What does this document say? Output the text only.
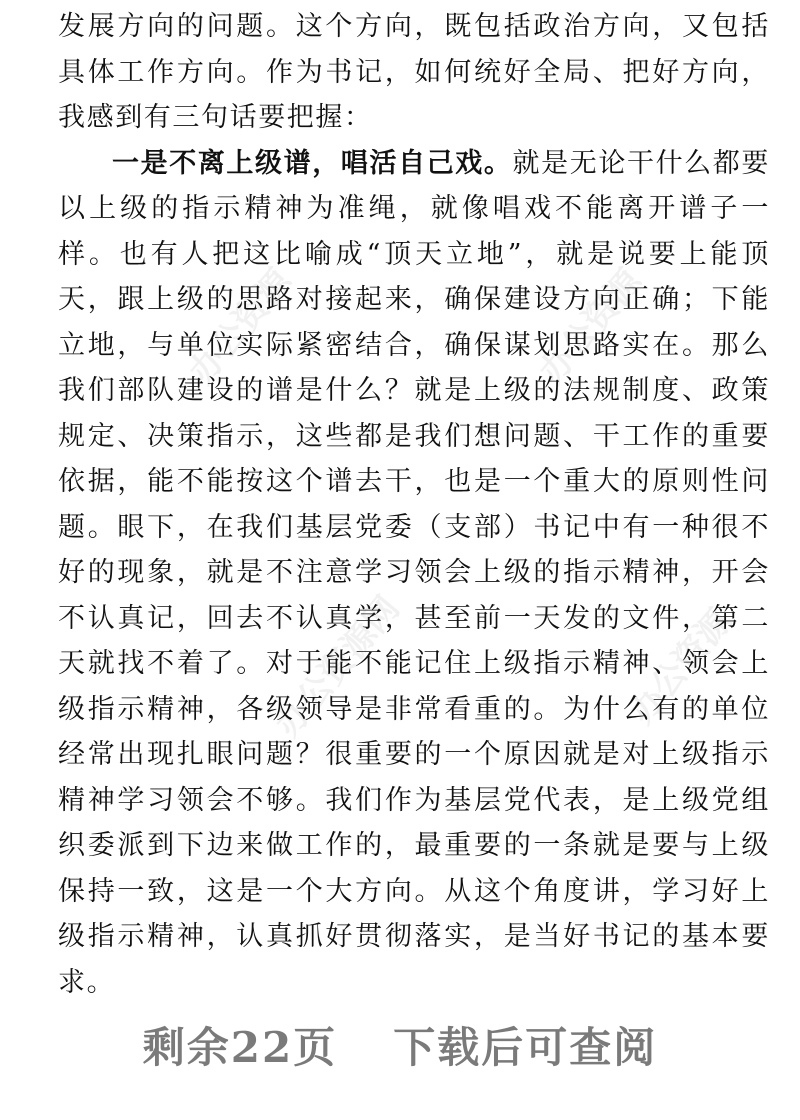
办公资源	办公资源
办公资源网	办公资源

发展方向的问题。这个方向，既包括政治方向，又包括具体工作方向。作为书记，如何统好全局、把好方向，我感到有三句话要把握：

一是不离上级谱，唱活自己戏。就是无论干什么都要以上级的指示精神为准绳，就像唱戏不能离开谱子一样。也有人把这比喻成“顶天立地”，就是说要上能顶天，跟上级的思路对接起来，确保建设方向正确；下能立地，与单位实际紧密结合，确保谋划思路实在。那么我们部队建设的谱是什么？就是上级的法规制度、政策规定、决策指示，这些都是我们想问题、干工作的重要依据，能不能按这个谱去干，也是一个重大的原则性问题。眼下，在我们基层党委（支部）书记中有一种很不好的现象，就是不注意学习领会上级的指示精神，开会不认真记，回去不认真学，甚至前一天发的文件，第二天就找不着了。对于能不能记住上级指示精神、领会上级指示精神，各级领导是非常看重的。为什么有的单位经常出现扎眼问题？很重要的一个原因就是对上级指示精神学习领会不够。我们作为基层党代表，是上级党组织委派到下边来做工作的，最重要的一条就是要与上级保持一致，这是一个大方向。从这个角度讲，学习好上级指示精神，认真抓好贯彻落实，是当好书记的基本要求。

剩余22页 下载后可查阅
